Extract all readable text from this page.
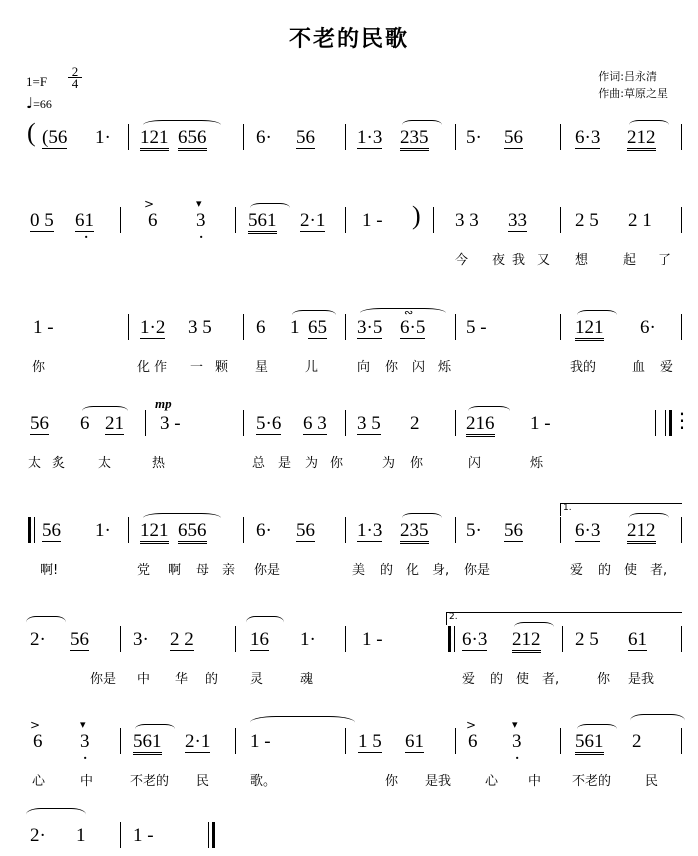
不老的民歌
作词:吕永清
作曲:草原之星
$1=F \frac{2}{4}$
♩=66
( (56 1· 121 656	6· 56 1·3 235 5· 56	6·3 212
0 5 61
·
>
6
▾
3
·
561 2·1 1 - ) 3 3 33	2 5 2 1
今 夜 我 又 想	起 了
1 -	1·2 3 5 6 1 65 3·5
∾
6·5 5 -	121 6·
你	化 作 一 颗 星	儿	向 你 闪 烁	我的	血 爱
56 6 21
mp
3 -	5·6 6 3 3 5 2 216 1 -	⋮
太 炙	太	热	总 是 为 你	为 你	闪	烁
⋮ 56 1· 121 656	6· 56 1·3 235 5· 56
1.
6·3 212
啊!	党 啊 母 亲 你是	美 的 化 身, 你是	爱 的 使 者,
2· 56 3· 2 2	16 1· 1 -
2.
⋮ 6·3 212 2 5 61
你是 中 华 的 灵	魂	爱 的 使 者,	你 是我
>
6
▾
3
·
561 2·1 1 -	1 5 61
>
6
▾
3
·
561 2
心	中	不老的 民	歌。	你 是我	心 中 不老的	民
2· 1	1 -
